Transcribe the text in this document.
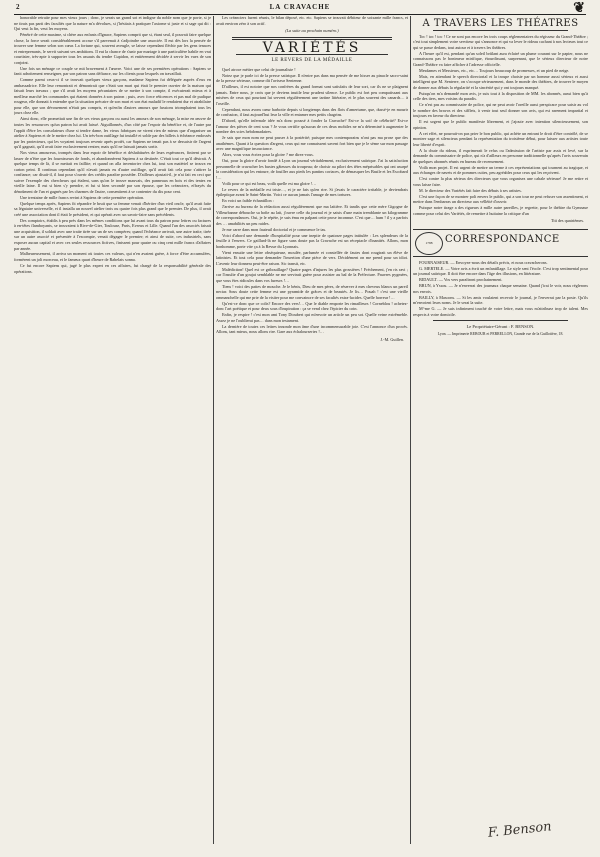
2	LA CRAVACHE	❦

honorable retraite pour mes vieux jours ; donc, je serais un grand sot et indigne du noble nom que je porte, si je ne tirais pas parti des facultés que la nature m'a dévolues, si j'hésitais à pratiquer l'axiome si juste et si sage qui dit : Qui veut la fin, veut les moyens.

Pénétré de cette maxime, si chère aux enfants d'Ignace, Sapiens comprit que si, étant seul, il pouvait faire quelque chose, la force serait considérablement accrue s'il parvenait à s'adjoindre une associée. Il eut dès lors la pensée de trouver une femme selon son cœur. La fortune qui, souvent aveugle, se laisse cependant fléchir par les gens tenaces et entreprenants, le servit suivant ses ambitions. Il eut la chance de s'unir par mariage à une particulière habile en vrai courtisier, très-apte à supporter tous les assauts du tendre Cupidon, et entièrement décidée à servir les vues de son conjoint.

Une fois un ménage ce couple se mit bravement à l'œuvre. Voici une de ses premières opérations : Sapiens se fanit adroitement renseigner, par son patron sans défiance, sur les clients pour lesquels on travaillait.

Comme parmi ceux-ci il se trouvait quelques vieux garçons, madame Sapiens fut déléguée auprès d'eux en ambassadrice. Elle leur remontrait et démontrait que c'était son mari qui était le premier ouvrier de la maison qui faisait leurs travaux ; que s'il avait les moyens pécuniaires de se mettre à son compte, il exécuterait mieux et à meilleur marché les commandes qui étaient données à son patron ; puis, avec force réticences et pas mal de pudique rougeur, elle donnait à entendre que la situation précaire de son mari et son état maladif le rendaient dur et atrabilaire pour elle, que son dévouement n'était pas compris, et qu'enfin d'autres amours que fussions triomphaient tous les jours chez elle.

Ainsi donc, elle promettait une fin de ses vieux garçons ou aussi les amours de son ménage, la mise en œuvre de toutes les ressources qu'un patron lui avait laissé. Aiguillonnés, d'un côté par l'espoir du bénéfice et, de l'autre par l'appât d'être les consolateurs d'une si tendre dame, les vieux fabriques ne virent rien de mieux que d'organiser un atelier à Sapiens et de le mettre chez lui. Un très-bon outillage fut installé et solde par des billets à échéance endossés par les protecteurs, qui les voyaient toujours revenir après protêt, car Sapiens ne tenait pas à se dessaisir de l'argent qu'il gagnait, qu'il avait faire exclusivement rentrer, mais qu'il ne laissait jamais sortir.

Nos vieux amoureux, trompés dans leur espoir de bénéfice et déshabituées de leurs espérances, finirent par se lasser de n'être que les fournisseurs de fonds, et abandonnèrent Sapiens à sa destinée. C'était tout ce qu'il désirait. A quelque temps de là, il se mettait en faillite; et quand on alla inventorier chez lui, tout son matériel se trouva en carton peint. Il continua cependant qu'il n'avait jamais eu d'autre outillage, qu'il avait fait cela pour s'attirer la confiance; car disait-il, il faut pour s'ouvrir des crédits paraître posséder. D'ailleurs ajoutait-il, je n'ai fait en ceci que suivre l'exemple des chercheurs qui étalent, sans qu'on le trouve mauvais, des panneaux en bois et des tentes en vieille laine. Il eut si bien s'y prendre, et fut si bien secondé par son épouse, que les créanciers, effrayés du dénoûment de l'un et gagnés par les charmes de l'autre, consentirent à se contenter du dix pour cent.

Une trentaine de mille francs revint à Sapiens de cette première opération.

Quelque temps après, Sapiens fit répandre le bruit que sa femme venait d'hériter d'un vieil oncle, qu'il avait faite sa légataire universelle, et il installa un nouvel atelier trois ou quatre fois plus grand que le premier. De plus, il avait créé une association dont il était le président, et qui opérait avec un savoir-faire sans précédents.

Des comptoirs, établis à peu près dans les mêmes conditions que lui avant tous du patron pour lettres ou factures à en-têtes flamboyants, se trouvaient à Rive-de-Gier, Toulouse, Paris, Evreux et Lille. Quand l'un des associés faisait une acquisition, il soldait avec une traite tirée sur un de ses compères; quand l'échéance arrivait, une autre traite, tirée sur un autre associé et présentée à l'escompte, venait dégager le premier; et ainsi de suite, ces industriels, sans exposer aucun capital et avec ces seules ressources fictives, finissent pour quatre ou cinq cent mille francs d'affaires par année.

Malheureusement, il arriva un moment où toutes ces valeurs, qui n'en avaient guère, à force d'être accumulées, formèrent un joli morceau, et le fameux quart d'heure de Rabelais sonna.

Ce fut encore Sapiens qui, jugé le plus expert en ces affaires, fut chargé de la responsabilité générale des opérations.

Les créanciers furent réunis, le bilan déposé, etc. etc. Sapiens se trouvait débiteur de soixante mille francs, et avait environ zéro à son actif.

(La suite au prochain numéro.)
VARIÉTÉS
LE REVERS DE LA MÉDAILLE

Quel atroce métier que celui de journaliste !

Notez que je parle ici de la presse satirique. Il n'entre pas dans ma pensée de me hisser au pinacle sacro-saint de la presse sérieuse, comme dit l'aviseur Sentenne.

D'ailleurs, il est notoire que nos confrères du grand format sont satisfaits de leur sort, car ils ne se plaignent jamais. Entre nous, je crois que je deviens inutile leur prudent silence. Le public est fort peu compatissant aux misères de ceux qui pourtant lui servent régulièrement une tartine littéraire, et le plus souvent des canards… à l'oseille.

Cependant, nous avons cœur barbotte depuis si longtemps dans des flots d'amertume, que, dussé-je en mourir de confusion, il faut aujourd'hui leur la ville et entamer mes petits chagrins.

D'abord, qu'elle infernale idée m'a donc poussé à fonder la Cravache? Est-ce la soif de célébrité? Est-ce l'amour des pièces de cent sous ? Je vous certifie qu'aucun de ces deux mobiles ne m'a déterminé à augmenter le nombre des scies hebdomadaires.

Je sais que mon nom ne peut passer à la postérité; puisque mes contemporains n'ont pas ma prose que des anathèmes. Quant à la question d'argent, ceux qui me connaissent savent fort bien que je le sème sur mon passage avec une magnifique insouciance.

Alors, vous vous écriez pour la gloire ? me direz-vous.

Oui, pour la gloire d'avoir fondé à Lyon un journal véritablement, exclusivement satirique. J'ai la satisfaction personnelle de cravacher les bustes gâteuses du troupeau; de choisir au pilori des têtes méprisables qui ont usurpé la considération qui les entoure, de fouiller aux pieds les pantins coriaces, de démasquer les Basile et les Escobard !…

Voilà pour ce qui est beau, voilà quelle est ma gloire !…

Le revers de la médaille est triste…, et je ne fais qu'en rire. Si j'avais le caractère irritable, je deviendrais épileptique avant le Saint-Martin. Voici ce aucun jamais l'amage de mes tortures.

En voici un faible échantillon :

J'arrive au bureau de la rédaction aussi régulièrement que ma laitière. Et tandis que cette mère Gigogne de Villeurbanne débouche sa boîte au lait, j'ouvre celle du journal et je saisis d'une main tremblante un kilogramme de correspondances. Oui, je le répète, je suis ému en palpant cette prose inconnue. C'est que… hum ! il y a parfois des … amabilités un peu raides.

Je me carre dans mon fauteuil doctorial et je commence le tas.

Voici d'abord une demande d'hospitalité pour une ineptie de quatorze pages intitulée : Les splendeurs de la feuille à l'envers. Ce gaillard-là ne figure sans doute pas la Cravache est un réceptacle d'inanités. Allons, mon bonhomme, porte vite ça à la Revue du Lyonnais.

Vient ensuite une lettre obséquieuse, moulée, parfumée et constellée de fautes dont rougirait un élève de latinistes. Et tout cela pour demander l'insertion d'une pièce de vers. Décidément on me prend pour un idiot. L'avenir leur donnera peut-être raison. Sic transit, etc.

Malédiction! Quel est ce gribouillage? Quatre pages d'injures les plus grossières ! Fréchement, j'en ris ravi ; car l'insulte d'un goujat semblable ne me servirait guère pour assister au bal de la Préfecture. Pauvres pygmées, que vous êtes ridicules dans vos fureurs !…

Tiens ! voici des pattes de mouche. Je le bénis, Dieu de mes pères, de réserver à mes cheveux blancs un pareil nectar. Sous doute cette femme est une pyramide de grâces et de beautés. Je lis… Pouah ! c'est une vieille ommanchelle qui me prie de la visiter pour me convaincre de ses facultés extra-lucides. Quelle horreur !…

Qu'est-ce donc que ce colis? Encore des vers!… Que le diable emporte les rimailleurs ! Corneblou ! achetez-donc l'art poétique et pour deux sous d'inspiration : ça se vend chez l'épicier du coin.

Enfin, je respire ! c'est mon ami Tony Dioubert qui m'envoie un article un peu sot. Quelle veine extrêmeble. Assez je ne l'oublierai pas… dans mon testament.

La dernière de toutes ces lettres innonde mon âme d'une incommensurable joie. C'est l'annonce d'un procès. Allons, tant mieux, nous allons rire. Gare aux échalourseries !…

J.-M. Guillen.
A TRAVERS LES THÉATRES

Toc ! toc ! toc ! Ce ne sont pas encore les trois coups réglementaires du régisseur du Grand-Théâtre ; c'est tout simplement votre serviteur qui s'annonce et qui va lever le rideau cachant à nos lecteurs tout ce qui se passe dedans, tout autour et à travers les théâtres.

A l'heure qu'il est, pendant qu'un soleil brûlant aura éclairé un plume courant sur le papier, nous ne connaissons pas le bonimeur mirifique, étourdissant, surprenant, que le sérieux directeur de notre Grand-Théâtre va faire afficher à l'adresse officielle.

Mesdames et Messieurs, etc., etc… Toujours beaucoup de promesses, et un pied de neige.

Mais, en attendant le speech directorial et la troupe choisie par un homme aussi sérieux et aussi intelligent que M. Senterre, on s'occupe sérieusement, dans le monde des théâtres, de trouver le moyen de donner aux débuts la régularité et la sincérité qui y ont toujours manqué.

Puisqu'on m'a demandé mon avis, je suis tout à la disposition de MM. les abonnés, aussi bien qu'à celle des tiers, mes voisins du paradis.

Ce n'est pas au commissaire de police, qui ne peut avoir l'oreille aussi perspicace pour saisir au vol le nombre des bravos et des sifflets, à venir tout seul donner son avis, qui est rarement impartial et toujours en faveur du directeur.

Il est urgent que le public manifeste librement, et j'ajoute avec intention silencieusement, son opinion.

A cet effet, ne pourrait-on pas prier le bon public, qui achète un entrant le droit d'être contrôlé, de se montrer sage et silencieux pendant la représentation du troisième début, pour laisser aux artistes toute leur liberté d'esprit.

A la chute du rideau, il exprimerait le refus ou l'admission de l'artiste par assis et levé, sur la demande du commissaire de police, qui n'a d'ailleurs en personne traditionnelle qu'après l'avis souverain de quelques abonnés réunis en bureau de recensement.

Voilà mon projet. Il est urgent de mettre un terme à ces représentations qui tournent au tragique, et aux échanges de navets et de pommes cuites, peu agréables pour ceux qui les reçoivent.

C'est contre la plus sérieux des directeurs que vous organisez une cabale sérieuse! Je me retire et vous laisse faire.

M. le directeur des Variétés fait faire des débuts à ses artistes.

C'est une façon de se montrer poli envers le public, qui a son tour ne peut refuser son assentiment, et mettre dans l'embarras un directeur aux vélléité d'ouvrir.

Puisque notre tirage a des rigueurs à mille autre pareilles, je regrette, pour le théâtre du Gymnase comme pour celui des Variétés, de remettre à huitaine la critique d'un

Titi des quatrièmes.
1788	CORRESPONDANCE

FOURNAISEUR. — Envoyez-nous des détails précis, et nous cravacherons.

G. MERTELE. — Votre avis a écrit un enfantillage. Le style sent l'école. C'est trop sentimental pour un journal satirique. Il doit être encore dans l'âge des illusions, en littérature.

BIDAULT. — Vos vers paraîtront prochainement.

BRUN, à Yssou. — Je n'enverrai des journaux chaque semaine. Quand j'irai le voir, nous réglerons nos envois.

BAILLY, à Mascons. — Si les amis voulaient recevoir le journal, je l'enverrai par la poste. Qu'ils m'envoient leurs noms. Je le serai la suite.

M^me G. — Je suis infiniment touché de votre lettre, mais vous m'attribuez trop de talent. Mes respects à votre domicile.

Le Propriétaire-Gérant : F. BENSON.
Lyon. — Imprimerie REBOUR et PERRELLON, Grande rue de la Guillotière, 18.
F. Benson
